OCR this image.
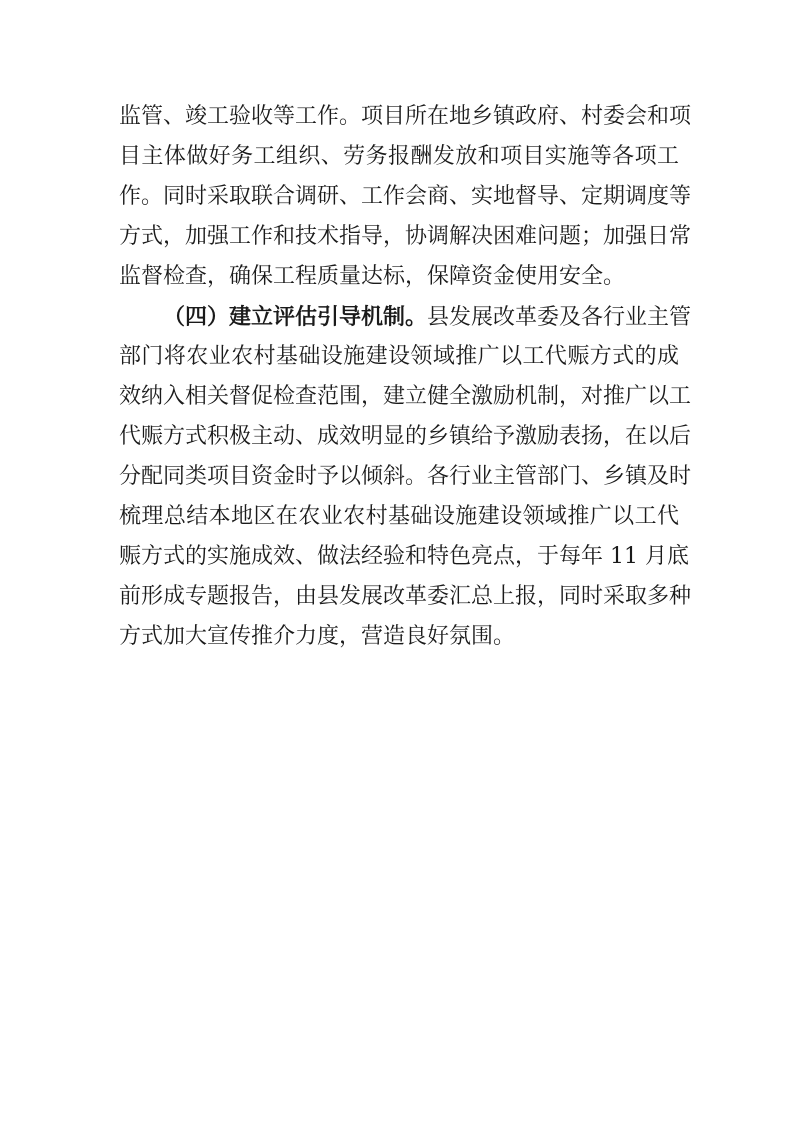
监管、竣工验收等工作。项目所在地乡镇政府、村委会和项
目主体做好务工组织、劳务报酬发放和项目实施等各项工
作。同时采取联合调研、工作会商、实地督导、定期调度等
方式，加强工作和技术指导，协调解决困难问题；加强日常
监督检查，确保工程质量达标，保障资金使用安全。
（四）建立评估引导机制。县发展改革委及各行业主管
部门将农业农村基础设施建设领域推广以工代赈方式的成
效纳入相关督促检查范围，建立健全激励机制，对推广以工
代赈方式积极主动、成效明显的乡镇给予激励表扬，在以后
分配同类项目资金时予以倾斜。各行业主管部门、乡镇及时
梳理总结本地区在农业农村基础设施建设领域推广以工代
赈方式的实施成效、做法经验和特色亮点，于每年 11 月底
前形成专题报告，由县发展改革委汇总上报，同时采取多种
方式加大宣传推介力度，营造良好氛围。
